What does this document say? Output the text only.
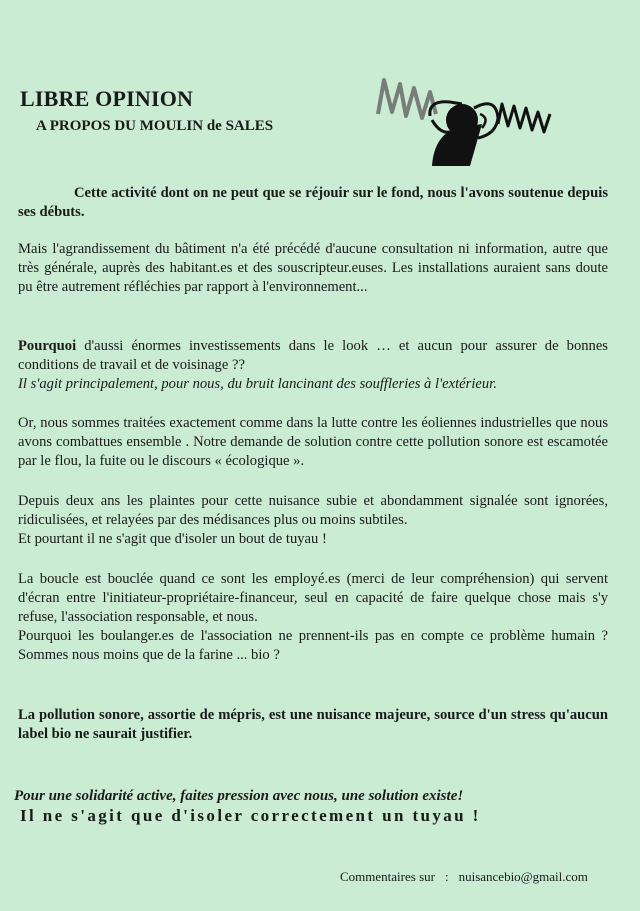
LIBRE OPINION
A PROPOS DU MOULIN de SALES

Cette activité dont on ne peut que se réjouir sur le fond, nous l'avons soutenue depuis ses débuts.

Mais l'agrandissement du bâtiment n'a été précédé d'aucune consultation ni information, autre que très générale, auprès des habitant.es et des souscripteur.euses. Les installations auraient sans doute pu être autrement réfléchies par rapport à l'environnement...

Pourquoi d'aussi énormes investissements dans le look … et aucun pour assurer de bonnes conditions de travail et de voisinage ??
Il s'agit principalement, pour nous, du bruit lancinant des souffleries à l'extérieur.

Or, nous sommes traitées exactement comme dans la lutte contre les éoliennes industrielles que nous avons combattues ensemble . Notre demande de solution contre cette pollution sonore est escamotée par le flou, la fuite ou le discours « écologique ».

Depuis deux ans les plaintes pour cette nuisance subie et abondamment signalée sont ignorées, ridiculisées, et relayées par des médisances plus ou moins subtiles.
Et pourtant il ne s'agit que d'isoler un bout de tuyau !

La boucle est bouclée quand ce sont les employé.es (merci de leur compréhension) qui servent d'écran entre l'initiateur-propriétaire-financeur, seul en capacité de faire quelque chose mais s'y refuse, l'association responsable, et nous.
Pourquoi les boulanger.es de l'association ne prennent-ils pas en compte ce problème humain ? Sommes nous moins que de la farine ... bio ?

La pollution sonore, assortie de mépris, est une nuisance majeure, source d'un stress qu'aucun label bio ne saurait justifier.

Pour une solidarité active, faites pression avec nous, une solution existe!
Il ne s'agit que d'isoler correctement un tuyau !
Commentaires sur : nuisancebio@gmail.com
